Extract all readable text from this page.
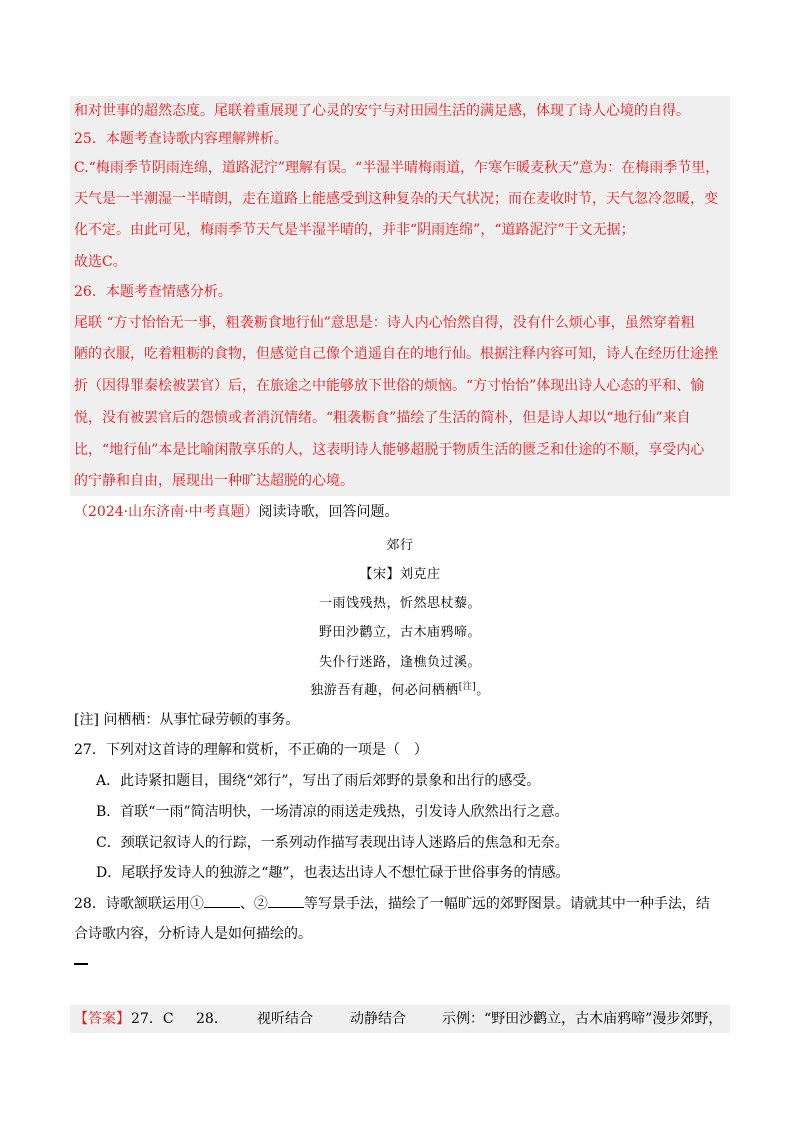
和对世事的超然态度。尾联着重展现了心灵的安宁与对田园生活的满足感，体现了诗人心境的自得。
25．本题考查诗歌内容理解辨析。
C.“梅雨季节阴雨连绵，道路泥泞”理解有误。“半湿半晴梅雨道，乍寒乍暖麦秋天”意为：在梅雨季节里，
天气是一半潮湿一半晴朗，走在道路上能感受到这种复杂的天气状况；而在麦收时节，天气忽冷忽暖，变
化不定。由此可见，梅雨季节天气是半湿半晴的，并非“阴雨连绵”，“道路泥泞”于文无据；
故选C。
26．本题考查情感分析。
尾联 “方寸怡怡无一事，粗袭粝食地行仙”意思是：诗人内心怡然自得，没有什么烦心事，虽然穿着粗
陋的衣服，吃着粗粝的食物，但感觉自己像个逍遥自在的地行仙。根据注释内容可知，诗人在经历仕途挫
折（因得罪秦桧被罢官）后，在旅途之中能够放下世俗的烦恼。“方寸怡怡”体现出诗人心态的平和、愉
悦，没有被罢官后的怨愤或者消沉情绪。“粗袭粝食”描绘了生活的简朴，但是诗人却以“地行仙”来自
比，“地行仙”本是比喻闲散享乐的人，这表明诗人能够超脱于物质生活的匮乏和仕途的不顺，享受内心
的宁静和自由，展现出一种旷达超脱的心境。
（2024·山东济南·中考真题）阅读诗歌，回答问题。
郊行
【宋】刘克庄
一雨饯残热，忻然思杖藜。
野田沙鹳立，古木庙鸦啼。
失仆行迷路，逢樵负过溪。
独游吾有趣，何必问栖栖[注]。
[注] 问栖栖：从事忙碌劳顿的事务。
27．下列对这首诗的理解和赏析，不正确的一项是（　）
A．此诗紧扣题目，围绕“郊行”，写出了雨后郊野的景象和出行的感受。
B．首联“一雨”简洁明快，一场清凉的雨送走残热，引发诗人欣然出行之意。
C．颈联记叙诗人的行踪，一系列动作描写表现出诗人迷路后的焦急和无奈。
D．尾联抒发诗人的独游之“趣”，也表达出诗人不想忙碌于世俗事务的情感。
28．诗歌颔联运用①	、②	等写景手法，描绘了一幅旷远的郊野图景。请就其中一种手法，结
合诗歌内容，分析诗人是如何描绘的。
【答案】 27．C 28． 视听结合	动静结合	示例：“野田沙鹳立，古木庙鸦啼”漫步郊野，
